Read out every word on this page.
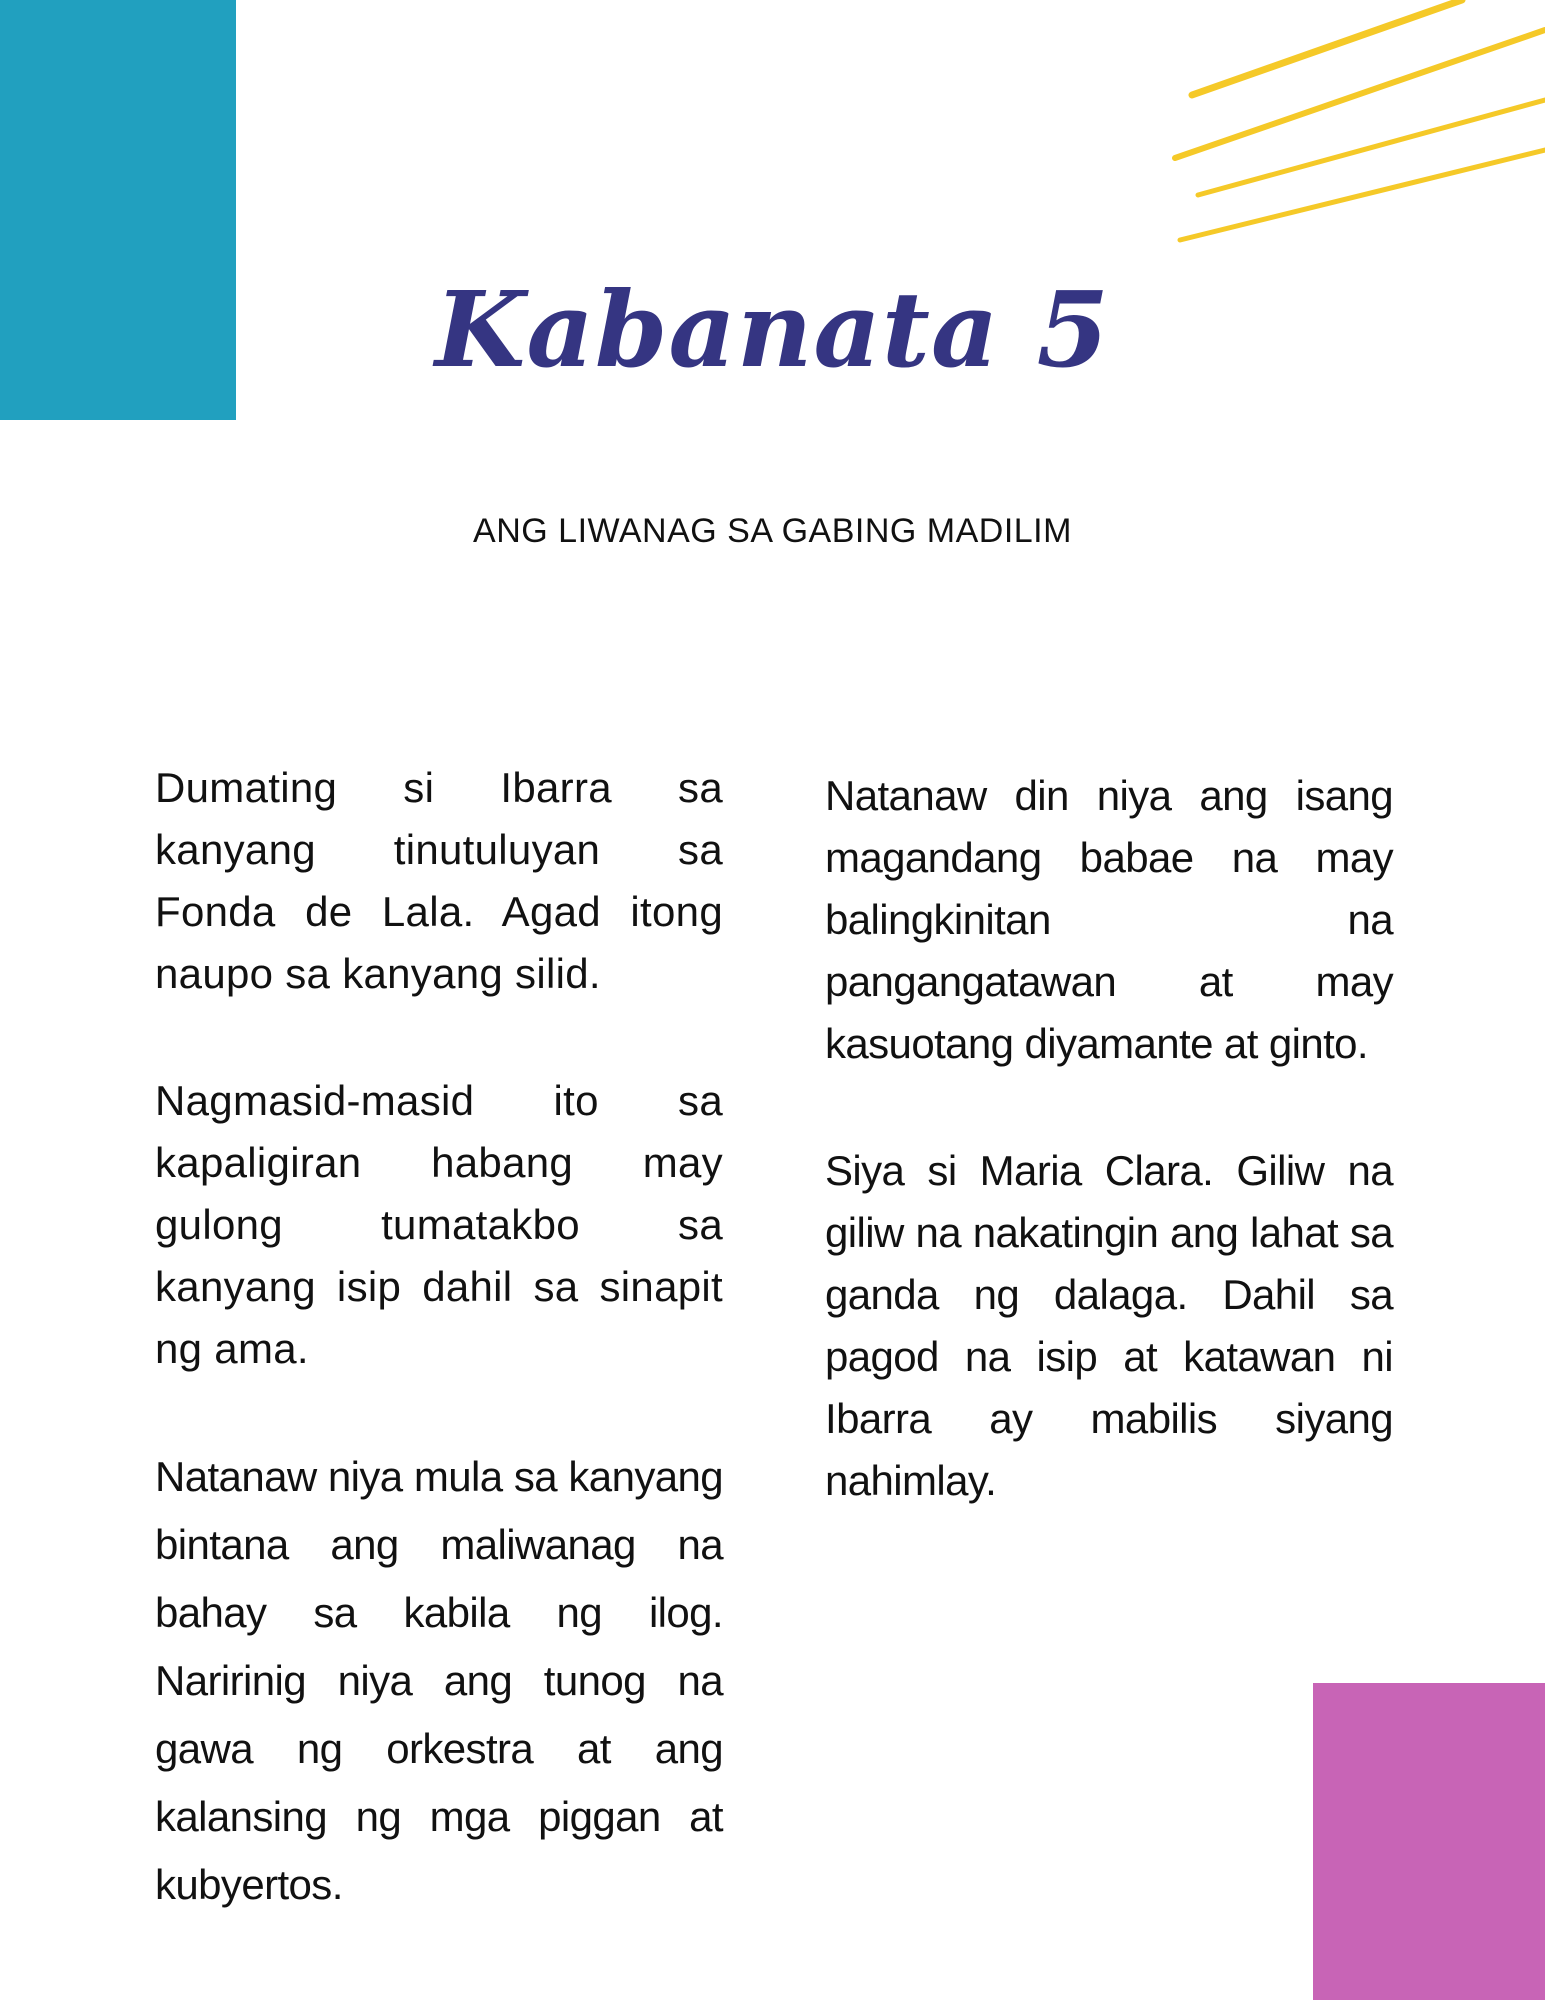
Kabanata 5
ANG LIWANAG SA GABING MADILIM

Dumating si Ibarra sa kanyang tinutuluyan sa Fonda de Lala. Agad itong naupo sa kanyang silid.

Nagmasid-masid ito sa kapaligiran habang may gulong tumatakbo sa kanyang isip dahil sa sinapit ng ama.

Natanaw niya mula sa kanyang bintana ang maliwanag na bahay sa kabila ng ilog. Naririnig niya ang tunog na gawa ng orkestra at ang kalansing ng mga piggan at kubyertos.

Natanaw din niya ang isang magandang babae na may balingkinitan na pangangatawan at may kasuotang diyamante at ginto.

Siya si Maria Clara. Giliw na giliw na nakatingin ang lahat sa ganda ng dalaga. Dahil sa pagod na isip at katawan ni Ibarra ay mabilis siyang nahimlay.
